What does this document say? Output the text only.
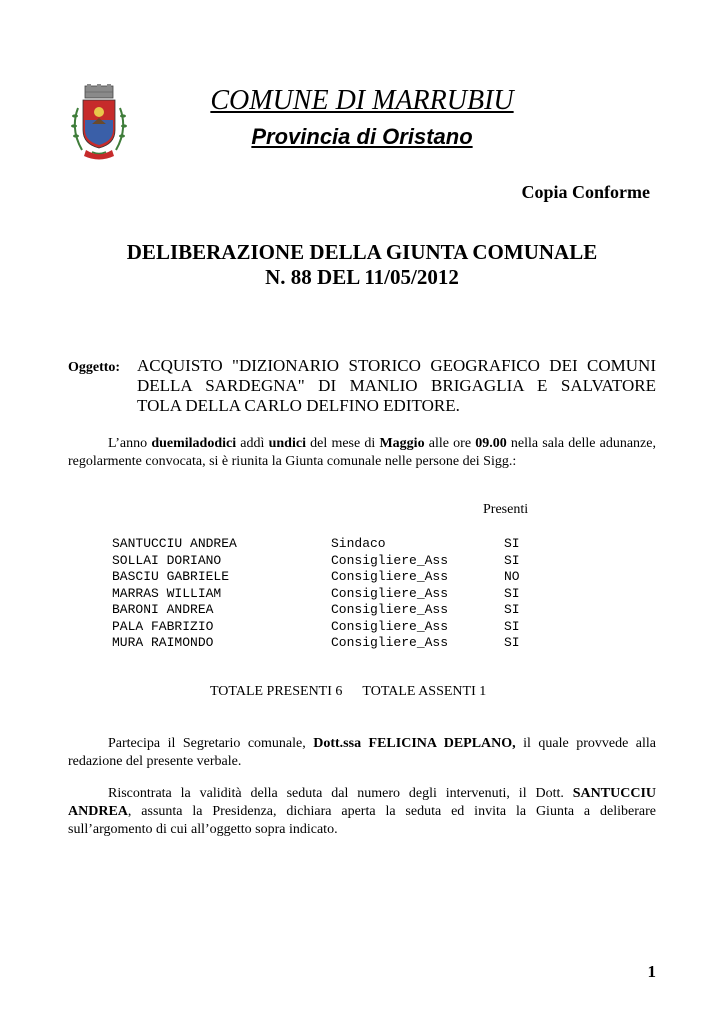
COMUNE DI MARRUBIU
Provincia di Oristano
Copia Conforme
DELIBERAZIONE DELLA GIUNTA COMUNALE
N. 88 DEL 11/05/2012
Oggetto: ACQUISTO "DIZIONARIO STORICO GEOGRAFICO DEI COMUNI
DELLA SARDEGNA" DI MANLIO BRIGAGLIA E SALVATORE
TOLA DELLA CARLO DELFINO EDITORE.
L’anno duemiladodici addì undici del mese di Maggio alle ore 09.00 nella sala delle adunanze, regolarmente convocata, si è riunita la Giunta comunale nelle persone dei Sigg.:
Presenti
SANTUCCIU ANDREA	Sindaco	SI
SOLLAI DORIANO	Consigliere_Ass	SI
BASCIU GABRIELE	Consigliere_Ass	NO
MARRAS WILLIAM	Consigliere_Ass	SI
BARONI ANDREA	Consigliere_Ass	SI
PALA FABRIZIO	Consigliere_Ass	SI
MURA RAIMONDO	Consigliere_Ass	SI
TOTALE PRESENTI 6 TOTALE ASSENTI 1
Partecipa il Segretario comunale, Dott.ssa FELICINA DEPLANO, il quale provvede alla redazione del presente verbale.
Riscontrata la validità della seduta dal numero degli intervenuti, il Dott. SANTUCCIU ANDREA, assunta la Presidenza, dichiara aperta la seduta ed invita la Giunta a deliberare sull’argomento di cui all’oggetto sopra indicato.
1
